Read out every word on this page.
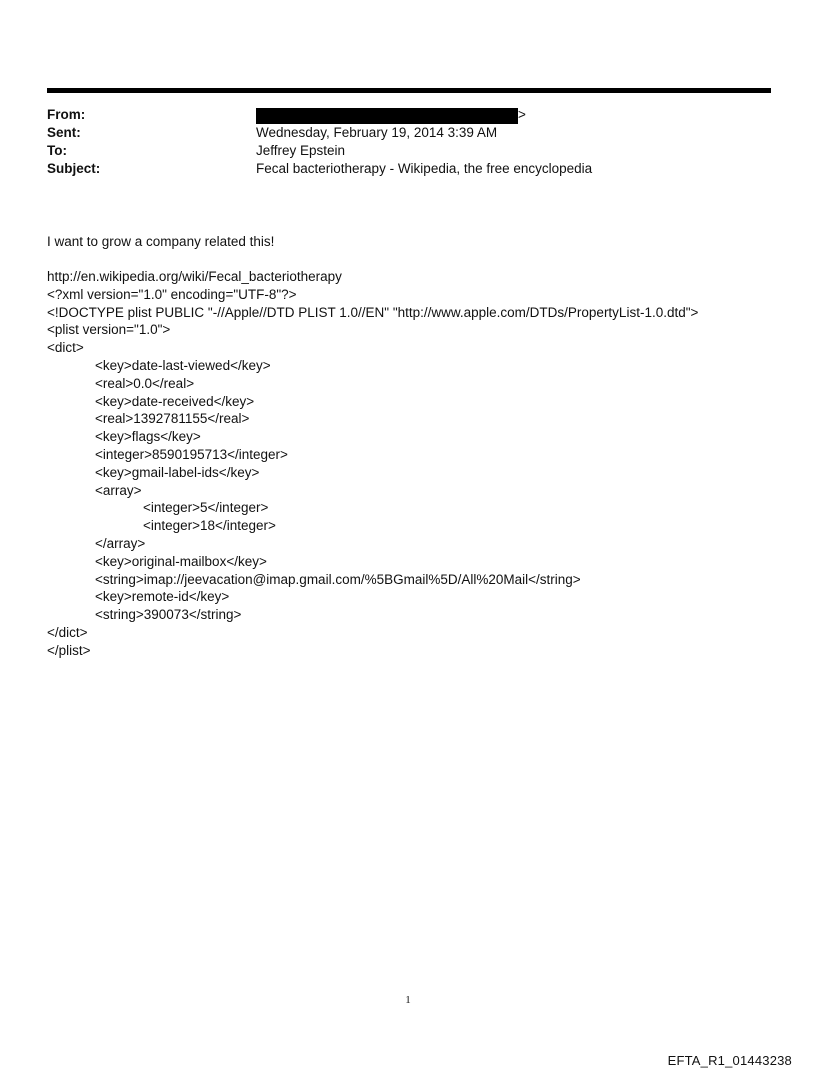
From:	>
Sent:	Wednesday, February 19, 2014 3:39 AM
To:	Jeffrey Epstein
Subject:	Fecal bacteriotherapy - Wikipedia, the free encyclopedia
I want to grow a company related this!
http://en.wikipedia.org/wiki/Fecal_bacteriotherapy
<?xml version="1.0" encoding="UTF-8"?>
<!DOCTYPE plist PUBLIC "-//Apple//DTD PLIST 1.0//EN" "http://www.apple.com/DTDs/PropertyList-1.0.dtd">
<plist version="1.0">
<dict>
<key>date-last-viewed</key>
<real>0.0</real>
<key>date-received</key>
<real>1392781155</real>
<key>flags</key>
<integer>8590195713</integer>
<key>gmail-label-ids</key>
<array>
<integer>5</integer>
<integer>18</integer>
</array>
<key>original-mailbox</key>
<string>imap://jeevacation@imap.gmail.com/%5BGmail%5D/All%20Mail</string>
<key>remote-id</key>
<string>390073</string>
</dict>
</plist>
1
EFTA_R1_01443238
